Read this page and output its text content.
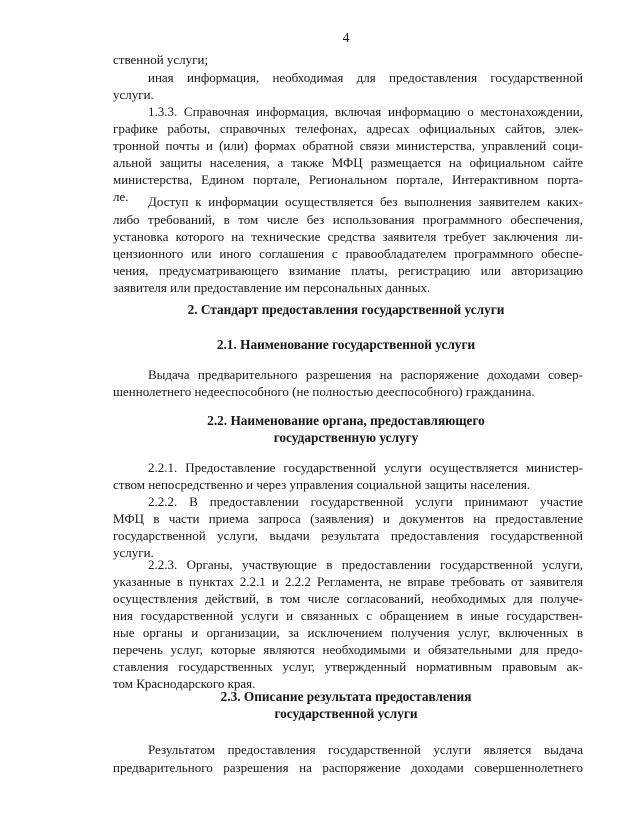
4
ственной услуги;
иная информация, необходимая для предоставления государственной
услуги.
1.3.3. Справочная информация, включая информацию о местонахождении,
графике работы, справочных телефонах, адресах официальных сайтов, элек-
тронной почты и (или) формах обратной связи министерства, управлений соци-
альной защиты населения, а также МФЦ размещается на официальном сайте
министерства, Едином портале, Региональном портале, Интерактивном порта-
ле. Доступ к информации осуществляется без выполнения заявителем каких-
либо требований, в том числе без использования программного обеспечения,
установка которого на технические средства заявителя требует заключения ли-
цензионного или иного соглашения с правообладателем программного обеспе-
чения, предусматривающего взимание платы, регистрацию или авторизацию
заявителя или предоставление им персональных данных.
2. Стандарт предоставления государственной услуги
2.1. Наименование государственной услуги
Выдача предварительного разрешения на распоряжение доходами совер-
шеннолетнего недееспособного (не полностью дееспособного) гражданина.
2.2. Наименование органа, предоставляющего
государственную услугу
2.2.1. Предоставление государственной услуги осуществляется министер-
ством непосредственно и через управления социальной защиты населения.
2.2.2. В предоставлении государственной услуги принимают участие
МФЦ в части приема запроса (заявления) и документов на предоставление
государственной услуги, выдачи результата предоставления государственной
услуги.
2.2.3. Органы, участвующие в предоставлении государственной услуги,
указанные в пунктах 2.2.1 и 2.2.2 Регламента, не вправе требовать от заявителя
осуществления действий, в том числе согласований, необходимых для получе-
ния государственной услуги и связанных с обращением в иные государствен-
ные органы и организации, за исключением получения услуг, включенных в
перечень услуг, которые являются необходимыми и обязательными для предо-
ставления государственных услуг, утвержденный нормативным правовым ак-
том Краснодарского края.
2.3. Описание результата предоставления
государственной услуги
Результатом предоставления государственной услуги является выдача
предварительного разрешения на распоряжение доходами совершеннолетнего
